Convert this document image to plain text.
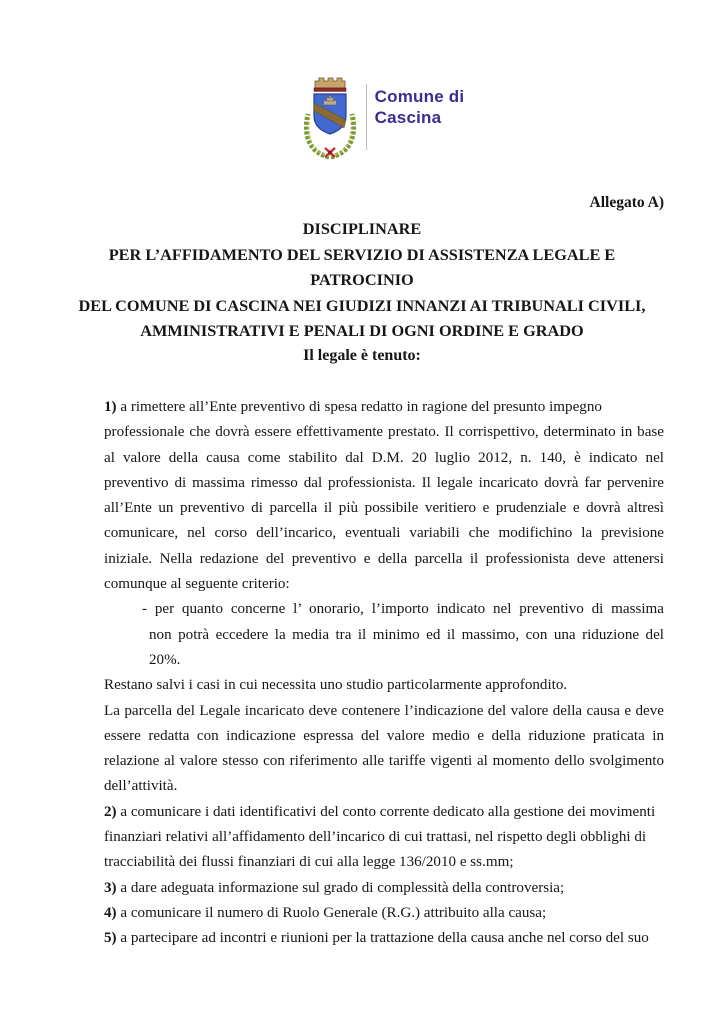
Comune di
Cascina
Allegato A)
DISCIPLINARE
PER L’AFFIDAMENTO DEL SERVIZIO DI ASSISTENZA LEGALE E PATROCINIO
DEL COMUNE DI CASCINA NEI GIUDIZI INNANZI AI TRIBUNALI CIVILI,
AMMINISTRATIVI E PENALI DI OGNI ORDINE E GRADO
Il legale è tenuto:
1) a rimettere all’Ente preventivo di spesa redatto in ragione del presunto impegno
professionale che dovrà essere effettivamente prestato. Il corrispettivo, determinato in base
al valore della causa come stabilito dal D.M. 20 luglio 2012, n. 140, è indicato nel
preventivo di massima rimesso dal professionista. Il legale incaricato dovrà far pervenire
all’Ente un preventivo di parcella il più possibile veritiero e prudenziale e dovrà altresì
comunicare, nel corso dell’incarico, eventuali variabili che modifichino la previsione
iniziale. Nella redazione del preventivo e della parcella il professionista deve attenersi
comunque al seguente criterio:
- per quanto concerne l’ onorario, l’importo indicato nel preventivo di massima
non potrà eccedere la media tra il minimo ed il massimo, con una riduzione del
20%.
Restano salvi i casi in cui necessita uno studio particolarmente approfondito.
La parcella del Legale incaricato deve contenere l’indicazione del valore della causa e deve
essere redatta con indicazione espressa del valore medio e della riduzione praticata in
relazione al valore stesso con riferimento alle tariffe vigenti al momento dello svolgimento
dell’attività.
2) a comunicare i dati identificativi del conto corrente dedicato alla gestione dei movimenti
finanziari relativi all’affidamento dell’incarico di cui trattasi, nel rispetto degli obblighi di
tracciabilità dei flussi finanziari di cui alla legge 136/2010 e ss.mm;
3) a dare adeguata informazione sul grado di complessità della controversia;
4) a comunicare il numero di Ruolo Generale (R.G.) attribuito alla causa;
5) a partecipare ad incontri e riunioni per la trattazione della causa anche nel corso del suo
